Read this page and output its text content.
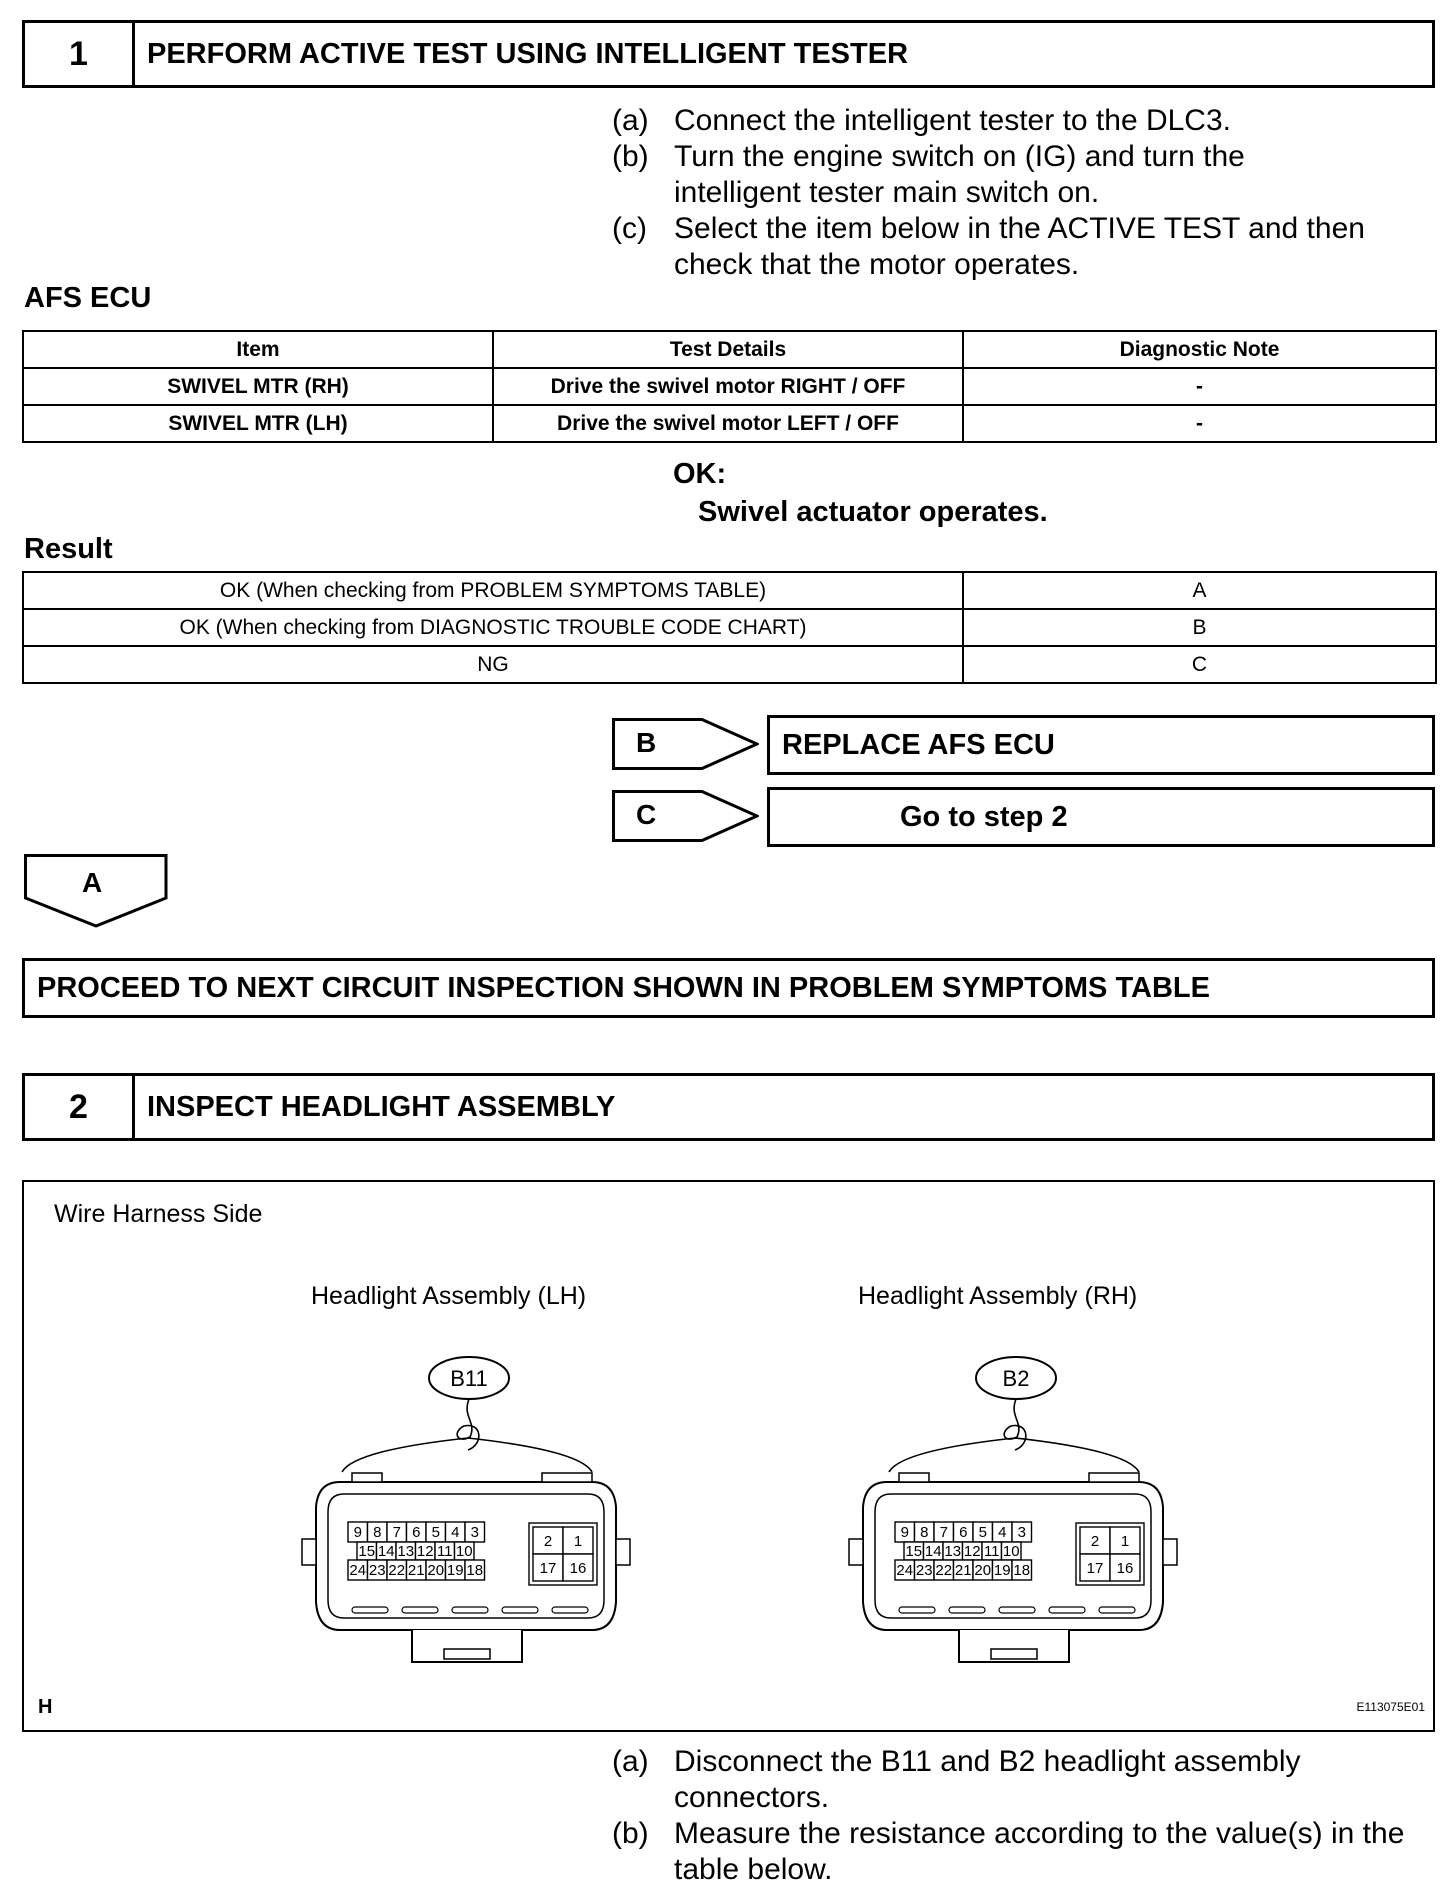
1	PERFORM ACTIVE TEST USING INTELLIGENT TESTER
(a) Connect the intelligent tester to the DLC3.
(b) Turn the engine switch on (IG) and turn the intelligent tester main switch on.
(c) Select the item below in the ACTIVE TEST and then check that the motor operates.
AFS ECU
Item	Test Details	Diagnostic Note
SWIVEL MTR (RH)	Drive the swivel motor RIGHT / OFF	-
SWIVEL MTR (LH)	Drive the swivel motor LEFT / OFF	-
OK:
Swivel actuator operates.
Result
OK (When checking from PROBLEM SYMPTOMS TABLE)	A
OK (When checking from DIAGNOSTIC TROUBLE CODE CHART)	B
NG	C
B	REPLACE AFS ECU
C	Go to step 2
A
PROCEED TO NEXT CIRCUIT INSPECTION SHOWN IN PROBLEM SYMPTOMS TABLE
2	INSPECT HEADLIGHT ASSEMBLY
Wire Harness Side
Headlight Assembly (LH)	Headlight Assembly (RH)
B11
9 8 7 6 5 4 3
15 14 13 12 11 10
24 23 22 21 20 19 18
2 1
17 16
B2
9 8 7 6 5 4 3
15 14 13 12 11 10
24 23 22 21 20 19 18
2 1
17 16
H	E113075E01
(a) Disconnect the B11 and B2 headlight assembly connectors.
(b) Measure the resistance according to the value(s) in the table below.
